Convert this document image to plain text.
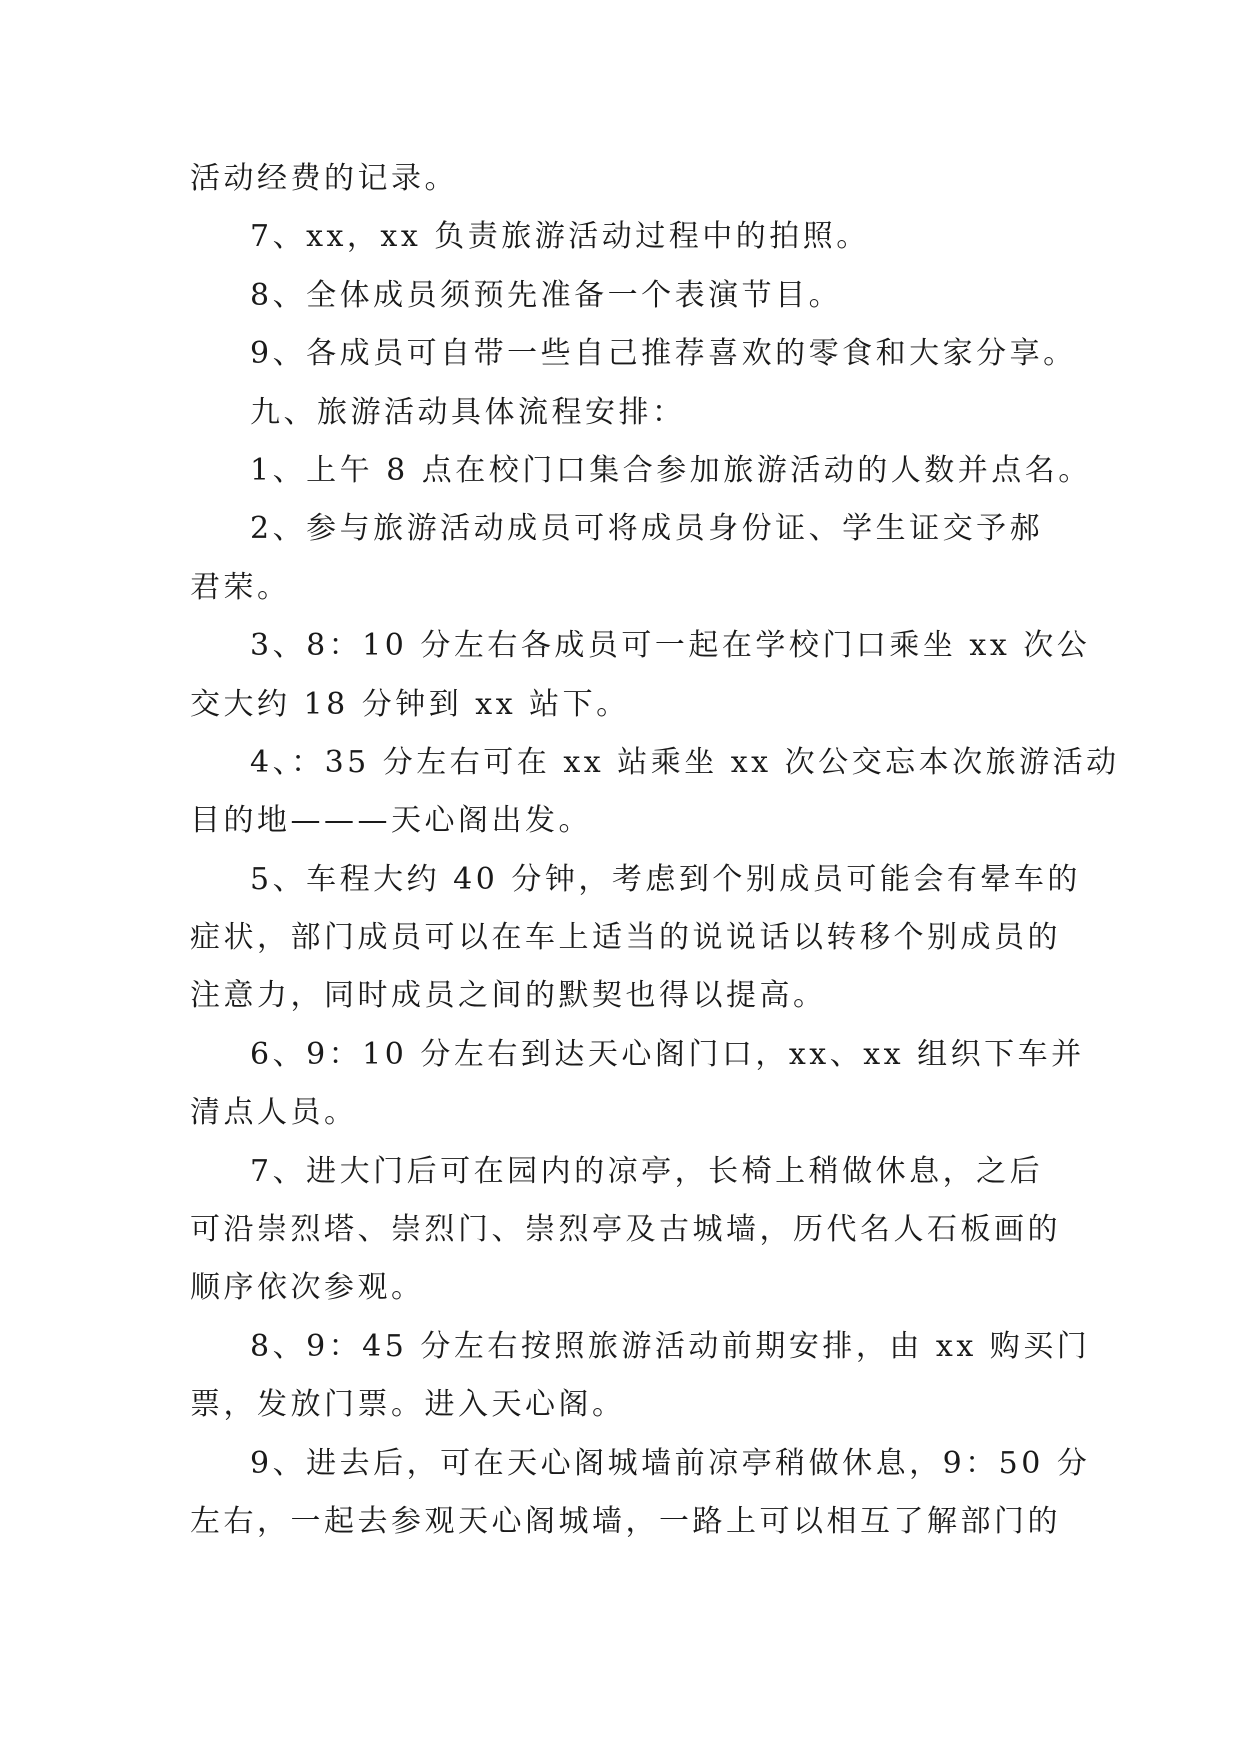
活动经费的记录。
7、xx，xx 负责旅游活动过程中的拍照。
8、全体成员须预先准备一个表演节目。
9、各成员可自带一些自己推荐喜欢的零食和大家分享。
九、旅游活动具体流程安排：
1、上午 8 点在校门口集合参加旅游活动的人数并点名。
2、参与旅游活动成员可将成员身份证、学生证交予郝
君荣。
3、8：10 分左右各成员可一起在学校门口乘坐 xx 次公
交大约 18 分钟到 xx 站下。
4、：35 分左右可在 xx 站乘坐 xx 次公交忘本次旅游活动
目的地———天心阁出发。
5、车程大约 40 分钟，考虑到个别成员可能会有晕车的
症状，部门成员可以在车上适当的说说话以转移个别成员的
注意力，同时成员之间的默契也得以提高。
6、9：10 分左右到达天心阁门口，xx、xx 组织下车并
清点人员。
7、进大门后可在园内的凉亭，长椅上稍做休息，之后
可沿崇烈塔、崇烈门、崇烈亭及古城墙，历代名人石板画的
顺序依次参观。
8、9：45 分左右按照旅游活动前期安排，由 xx 购买门
票，发放门票。进入天心阁。
9、进去后，可在天心阁城墙前凉亭稍做休息，9：50 分
左右，一起去参观天心阁城墙，一路上可以相互了解部门的
